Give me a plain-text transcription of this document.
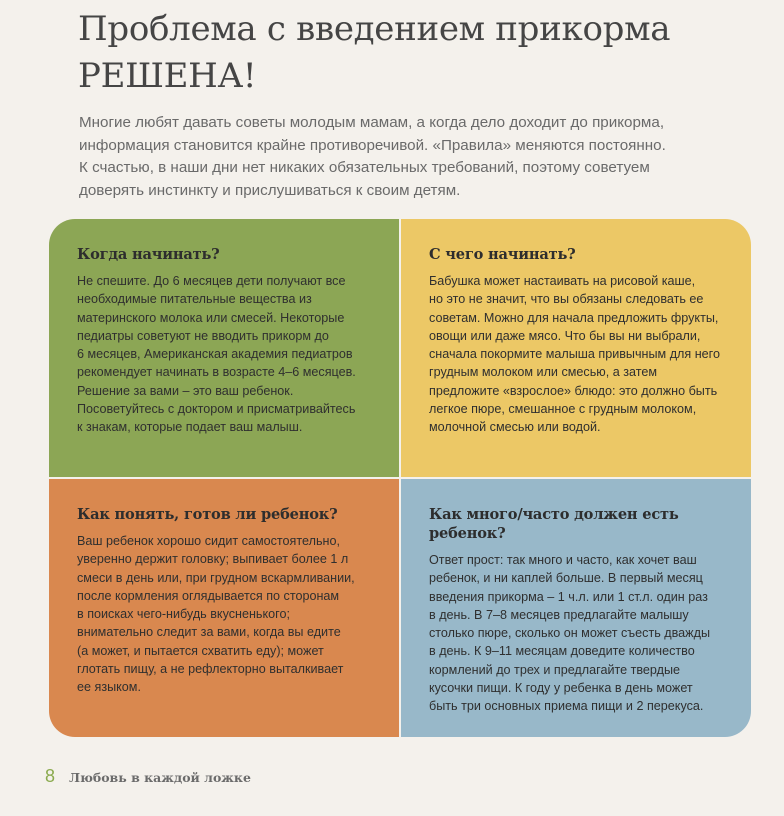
Проблема с введением прикорма
РЕШЕНА!

Многие любят давать советы молодым мамам, а когда дело доходит до прикорма,
информация становится крайне противоречивой. «Правила» меняются постоянно.
К счастью, в наши дни нет никаких обязательных требований, поэтому советуем
доверять инстинкту и прислушиваться к своим детям.

Когда начинать?

Не спешите. До 6 месяцев дети получают все
необходимые питательные вещества из
материнского молока или смесей. Некоторые
педиатры советуют не вводить прикорм до
6 месяцев, Американская академия педиатров
рекомендует начинать в возрасте 4–6 месяцев.
Решение за вами – это ваш ребенок.
Посоветуйтесь с доктором и присматривайтесь
к знакам, которые подает ваш малыш.

С чего начинать?

Бабушка может настаивать на рисовой каше,
но это не значит, что вы обязаны следовать ее
советам. Можно для начала предложить фрукты,
овощи или даже мясо. Что бы вы ни выбрали,
сначала покормите малыша привычным для него
грудным молоком или смесью, а затем
предложите «взрослое» блюдо: это должно быть
легкое пюре, смешанное с грудным молоком,
молочной смесью или водой.

Как понять, готов ли ребенок?

Ваш ребенок хорошо сидит самостоятельно,
уверенно держит головку; выпивает более 1 л
смеси в день или, при грудном вскармливании,
после кормления оглядывается по сторонам
в поисках чего-нибудь вкусненького;
внимательно следит за вами, когда вы едите
(а может, и пытается схватить еду); может
глотать пищу, а не рефлекторно выталкивает
ее языком.

Как много/часто должен есть
ребенок?

Ответ прост: так много и часто, как хочет ваш
ребенок, и ни каплей больше. В первый месяц
введения прикорма – 1 ч.л. или 1 ст.л. один раз
в день. В 7–8 месяцев предлагайте малышу
столько пюре, сколько он может съесть дважды
в день. К 9–11 месяцам доведите количество
кормлений до трех и предлагайте твердые
кусочки пищи. К году у ребенка в день может
быть три основных приема пищи и 2 перекуса.

8 Любовь в каждой ложке
